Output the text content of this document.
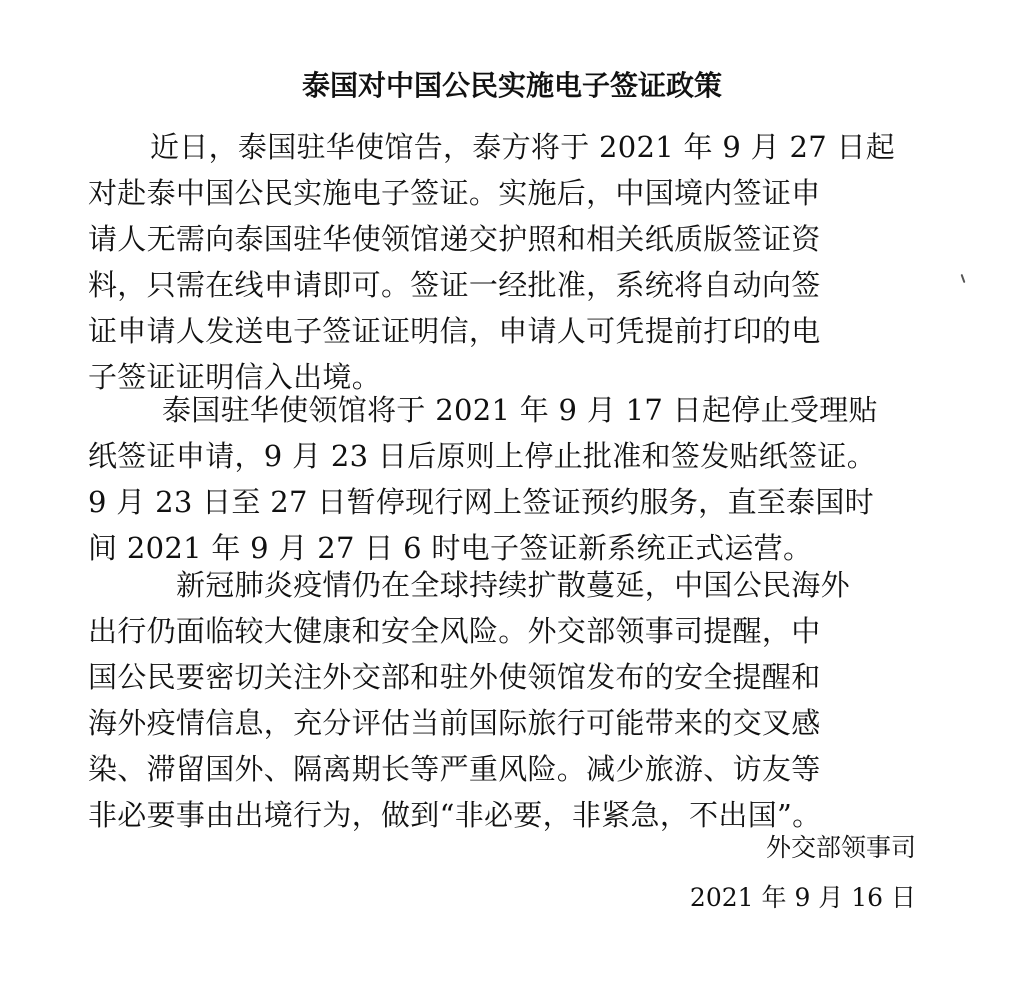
泰国对中国公民实施电子签证政策
近日，泰国驻华使馆告，泰方将于 2021 年 9 月 27 日起
对赴泰中国公民实施电子签证。实施后，中国境内签证申
请人无需向泰国驻华使领馆递交护照和相关纸质版签证资
料，只需在线申请即可。签证一经批准，系统将自动向签
证申请人发送电子签证证明信，申请人可凭提前打印的电
子签证证明信入出境。
泰国驻华使领馆将于 2021 年 9 月 17 日起停止受理贴
纸签证申请，9 月 23 日后原则上停止批准和签发贴纸签证。
9 月 23 日至 27 日暂停现行网上签证预约服务，直至泰国时
间 2021 年 9 月 27 日 6 时电子签证新系统正式运营。
新冠肺炎疫情仍在全球持续扩散蔓延，中国公民海外
出行仍面临较大健康和安全风险。外交部领事司提醒，中
国公民要密切关注外交部和驻外使领馆发布的安全提醒和
海外疫情信息，充分评估当前国际旅行可能带来的交叉感
染、滞留国外、隔离期长等严重风险。减少旅游、访友等
非必要事由出境行为，做到“非必要，非紧急，不出国”。

外交部领事司

2021 年 9 月 16 日
